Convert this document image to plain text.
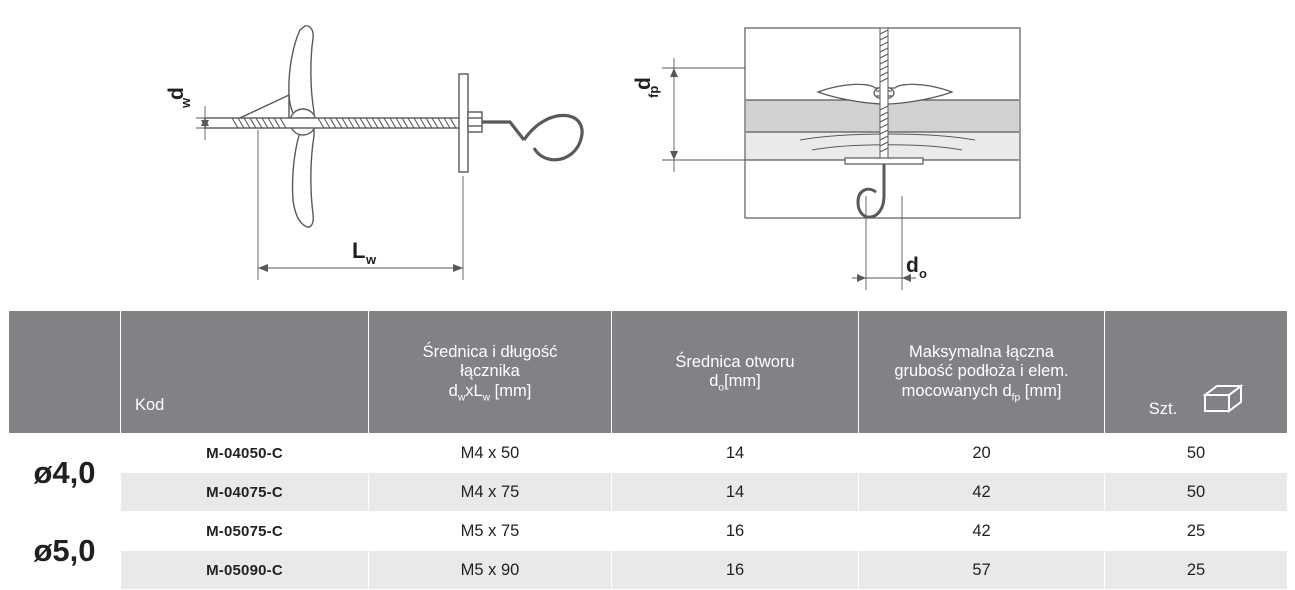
d
w
L w
d
fp
d o
	Kod	Średnica i długość
łącznika
$d_wxL_w$ [mm]	Średnica otworu
$d_o[mm]$	Maksymalna łączna
grubość podłoża i elem.
mocowanych $d_{fp}$ [mm]	Szt.

ø4,0	M-04050-C	M4 x 50	14	20	50
	M-04075-C	M4 x 75	14	42	50
ø5,0	M-05075-C	M5 x 75	16	42	25
	M-05090-C	M5 x 90	16	57	25
